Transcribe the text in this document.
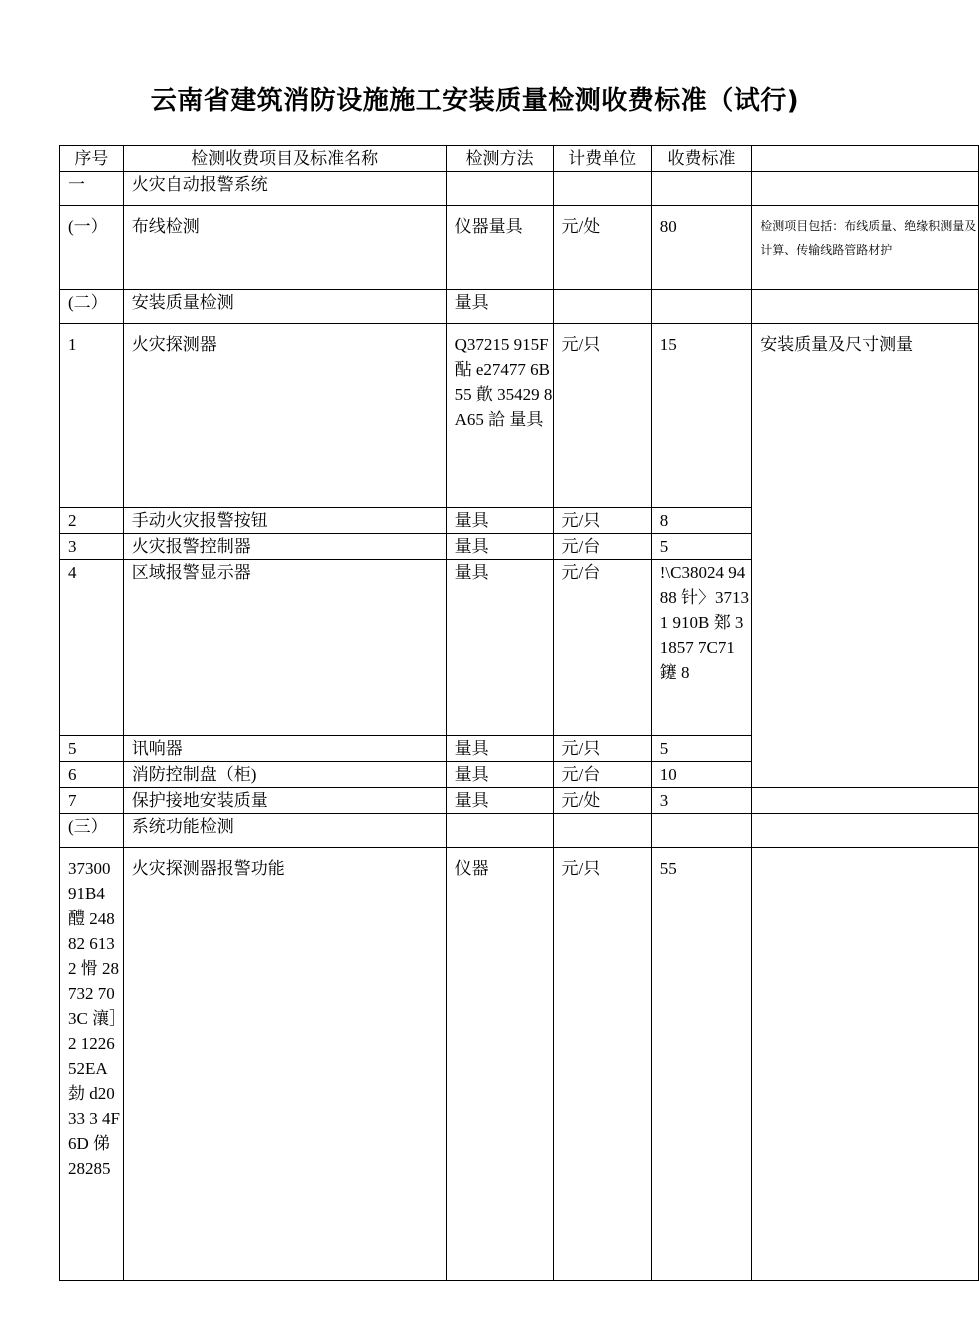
云南省建筑消防设施施工安装质量检测收费标准（试行)
序号	检测收费项目及标准名称	检测方法	计费单位	收费标准	
一	火灾自动报警系统				
(一）	布线检测	仪器量具	元/处	80	检测项目包括：布线质量、绝缘积测量及计算、传输线路管路材护
(二）	安装质量检测	量具			
1	火灾探测器	Q37215 915F 酟 e27477 6B55 歕 35429 8A65 詥 量具	元/只	15	安装质量及尺寸测量
2	手动火灾报警按钮	量具	元/只	8	
3	火灾报警控制器	量具	元/台	5	
4	区域报警显示器	量具	元/台	!\C38024 9488 针〉3713 1 910B 鄈 31857 7C71 鑳 8	
5	讯响器	量具	元/只	5	
6	消防控制盘（柜)	量具	元/台	10	
7	保护接地安装质量	量具	元/处	3	
(三）	系统功能检测				
37300 91B4 醴 24882 6132 愲 28732 703C 瀼］2 1226 52EA 勎 d2033 3 4F6D 俤 28285	火灾探测器报警功能	仪器	元/只	55	
